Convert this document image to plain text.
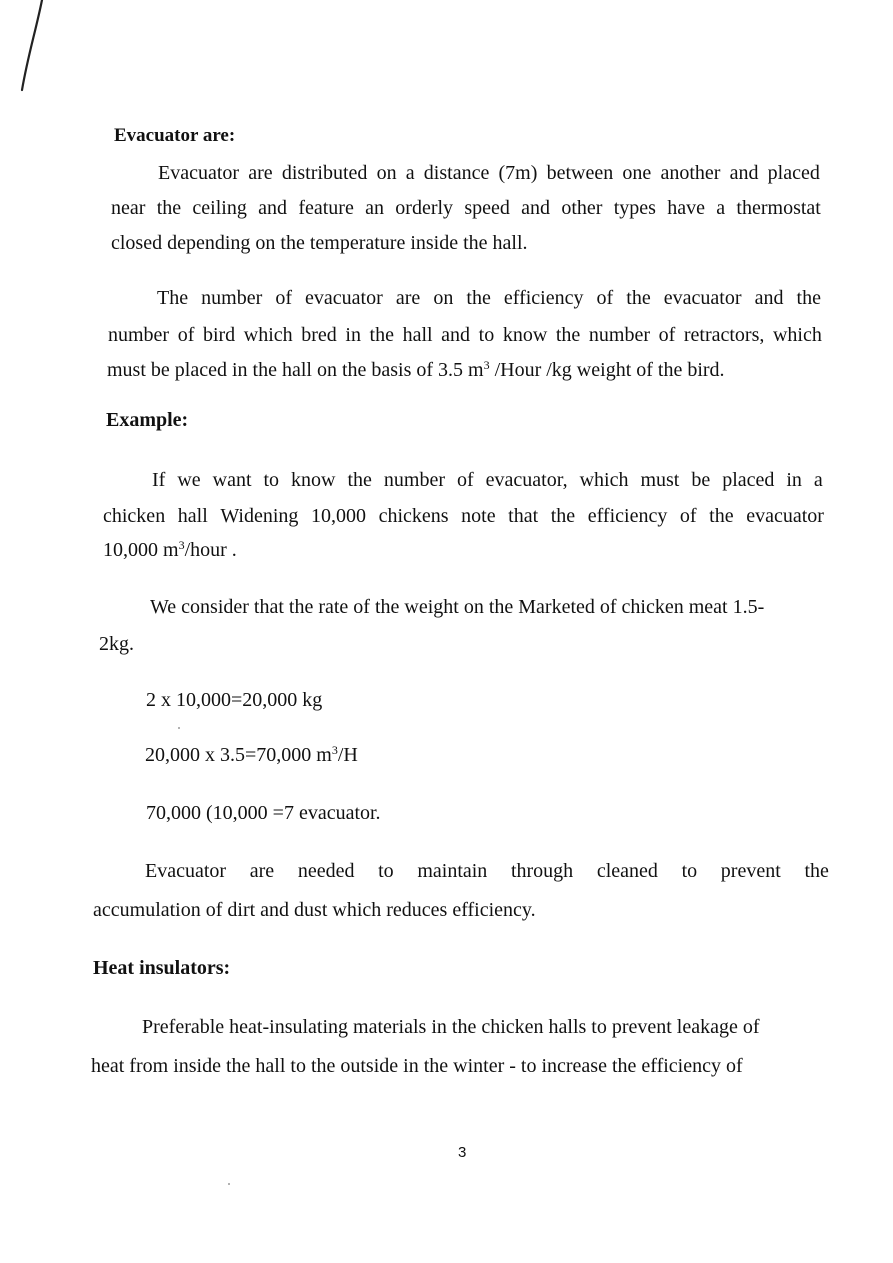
Evacuator are:
Evacuator are distributed on a distance (7m) between one another and placed
near the ceiling and feature an orderly speed and other types have a thermostat
closed depending on the temperature inside the hall.
The number of evacuator are on the efficiency of the evacuator and the
number of bird which bred in the hall and to know the number of retractors, which
must be placed in the hall on the basis of 3.5 $m^3$ /Hour /kg weight of the bird.
Example:
If we want to know the number of evacuator, which must be placed in a
chicken hall Widening 10,000 chickens note that the efficiency of the evacuator
10,000 $m^3$/hour .
We consider that the rate of the weight on the Marketed of chicken meat 1.5-
2kg.
2 x 10,000=20,000 kg
20,000 x 3.5=70,000 $m^3/H$
70,000 (10,000 =7 evacuator.
Evacuator are needed to maintain through cleaned to prevent the
accumulation of dirt and dust which reduces efficiency.
Heat insulators:
Preferable heat-insulating materials in the chicken halls to prevent leakage of
heat from inside the hall to the outside in the winter - to increase the efficiency of
3
